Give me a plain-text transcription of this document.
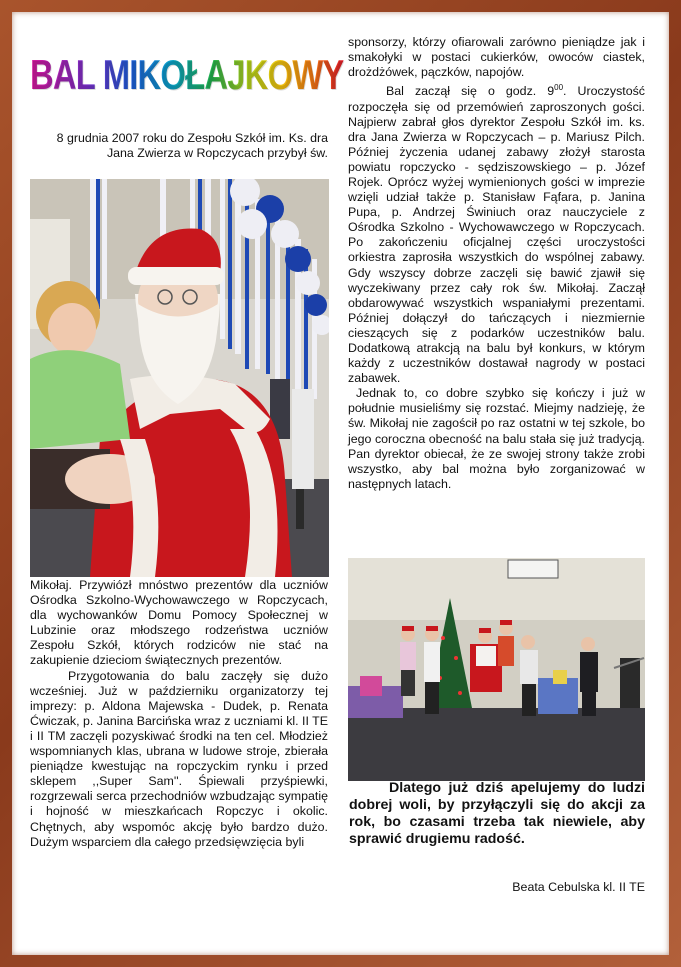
BAL MIKOŁAJKOWY

8 grudnia 2007 roku do Zespołu Szkół im. Ks. dra Jana Zwierza w Ropczycach przybył św.

Mikołaj. Przywiózł mnóstwo prezentów dla uczniów Ośrodka Szkolno-Wychowawczego w Ropczycach, dla wychowanków Domu Pomocy Społecznej w Lubzinie oraz młodszego rodzeństwa uczniów Zespołu Szkół, których rodziców nie stać na zakupienie dzieciom świątecznych prezentów.

Przygotowania do balu zaczęły się dużo wcześniej. Już w październiku organizatorzy tej imprezy: p. Aldona Majewska - Dudek, p. Renata Ćwiczak, p. Janina Barcińska wraz z uczniami kl. II TE i II TM zaczęli pozyskiwać środki na ten cel. Młodzież wspomnianych klas, ubrana w ludowe stroje, zbierała pieniądze kwestując na ropczyckim rynku i przed sklepem ,,Super Sam''. Śpiewali przyśpiewki, rozgrzewali serca przechodniów wzbudzając sympatię i hojność w mieszkańcach Ropczyc i okolic. Chętnych, aby wspomóc akcję było bardzo dużo. Dużym wsparciem dla całego przedsięwzięcia byli

sponsorzy, którzy ofiarowali zarówno pieniądze jak i smakołyki w postaci cukierków, owoców ciastek, drożdżówek, pączków, napojów.

Bal zaczął się o godz. $9^{00}$. Uroczystość rozpoczęła się od przemówień zaproszonych gości. Najpierw zabrał głos dyrektor Zespołu Szkół im. ks. dra Jana Zwierza w Ropczycach – p. Mariusz Pilch. Później życzenia udanej zabawy złożył starosta powiatu ropczycko - sędziszowskiego – p. Józef Rojek. Oprócz wyżej wymienionych gości w imprezie wzięli udział także p. Stanisław Fąfara, p. Janina Pupa, p. Andrzej Świniuch oraz nauczyciele z Ośrodka Szkolno - Wychowawczego w Ropczycach. Po zakończeniu oficjalnej części uroczystości orkiestra zaprosiła wszystkich do wspólnej zabawy. Gdy wszyscy dobrze zaczęli się bawić zjawił się wyczekiwany przez cały rok św. Mikołaj. Zaczął obdarowywać wszystkich wspaniałymi prezentami. Później dołączył do tańczących i niezmiernie cieszących się z podarków uczestników balu. Dodatkową atrakcją na balu był konkurs, w którym każdy z uczestników dostawał nagrody w postaci zabawek.

Jednak to, co dobre szybko się kończy i już w południe musieliśmy się rozstać. Miejmy nadzieję, że św. Mikołaj nie zagościł po raz ostatni w tej szkole, bo jego coroczna obecność na balu stała się już tradycją. Pan dyrektor obiecał, że ze swojej strony także zrobi wszystko, aby bal można było zorganizować w następnych latach.

Dlatego już dziś apelujemy do ludzi dobrej woli, by przyłączyli się do akcji za rok, bo czasami trzeba tak niewiele, aby sprawić drugiemu radość.

Beata Cebulska kl. II TE
